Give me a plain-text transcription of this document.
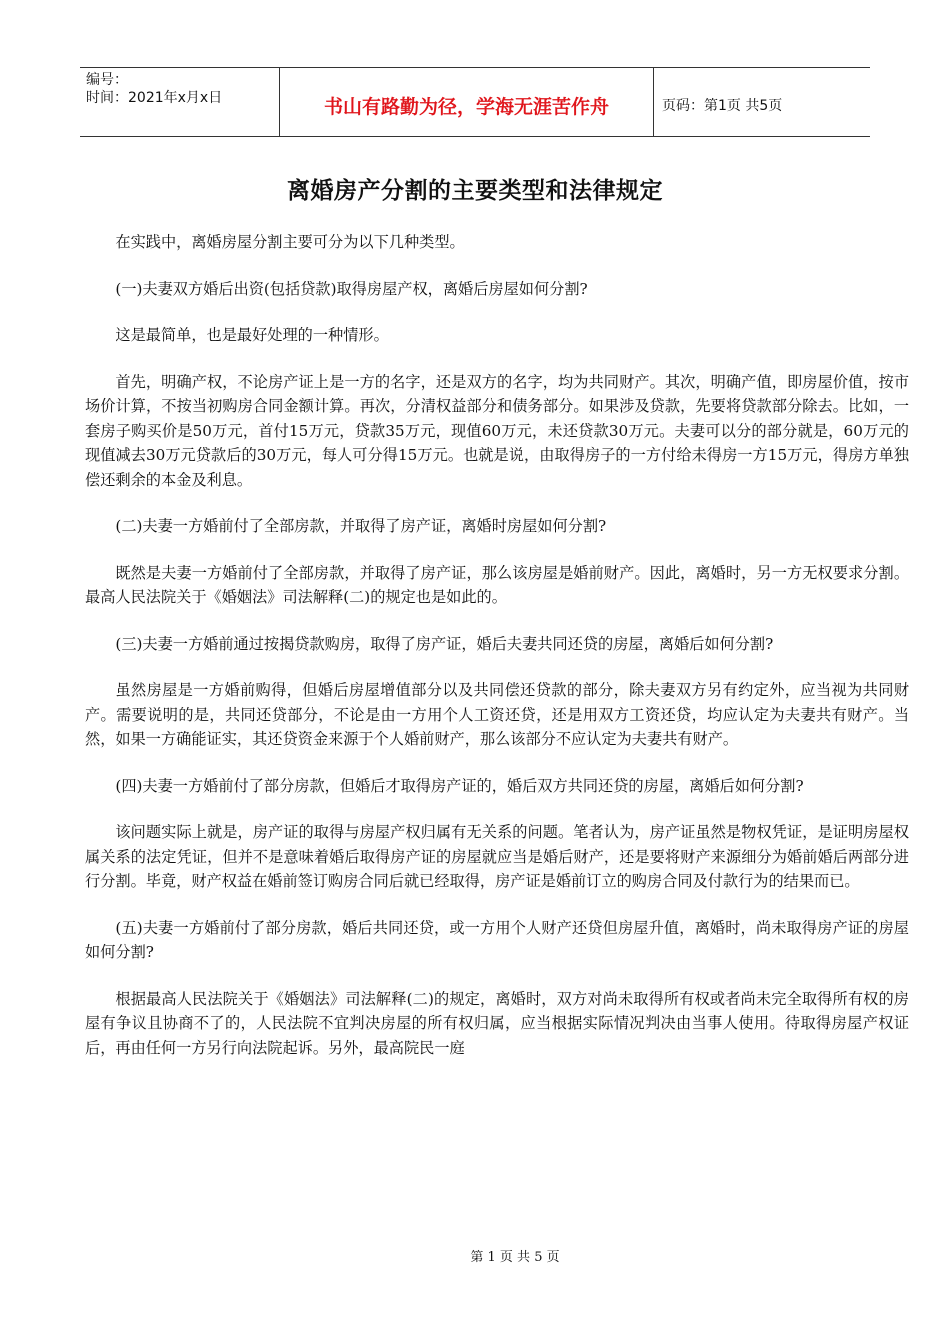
编号：
时间：2021年x月x日	书山有路勤为径，学海无涯苦作舟	页码：第1页 共5页
离婚房产分割的主要类型和法律规定

在实践中，离婚房屋分割主要可分为以下几种类型。

(一)夫妻双方婚后出资(包括贷款)取得房屋产权，离婚后房屋如何分割?

这是最简单，也是最好处理的一种情形。

首先，明确产权，不论房产证上是一方的名字，还是双方的名字，均为共同财产。其次，明确产值，即房屋价值，按市场价计算，不按当初购房合同金额计算。再次，分清权益部分和债务部分。如果涉及贷款，先要将贷款部分除去。比如，一套房子购买价是50万元，首付15万元，贷款35万元，现值60万元，未还贷款30万元。夫妻可以分的部分就是，60万元的现值减去30万元贷款后的30万元，每人可分得15万元。也就是说，由取得房子的一方付给未得房一方15万元，得房方单独偿还剩余的本金及利息。

(二)夫妻一方婚前付了全部房款，并取得了房产证，离婚时房屋如何分割?

既然是夫妻一方婚前付了全部房款，并取得了房产证，那么该房屋是婚前财产。因此，离婚时，另一方无权要求分割。最高人民法院关于《婚姻法》司法解释(二)的规定也是如此的。

(三)夫妻一方婚前通过按揭贷款购房，取得了房产证，婚后夫妻共同还贷的房屋，离婚后如何分割?

虽然房屋是一方婚前购得，但婚后房屋增值部分以及共同偿还贷款的部分，除夫妻双方另有约定外，应当视为共同财产。需要说明的是，共同还贷部分，不论是由一方用个人工资还贷，还是用双方工资还贷，均应认定为夫妻共有财产。当然，如果一方确能证实，其还贷资金来源于个人婚前财产，那么该部分不应认定为夫妻共有财产。

(四)夫妻一方婚前付了部分房款，但婚后才取得房产证的，婚后双方共同还贷的房屋，离婚后如何分割?

该问题实际上就是，房产证的取得与房屋产权归属有无关系的问题。笔者认为，房产证虽然是物权凭证，是证明房屋权属关系的法定凭证，但并不是意味着婚后取得房产证的房屋就应当是婚后财产，还是要将财产来源细分为婚前婚后两部分进行分割。毕竟，财产权益在婚前签订购房合同后就已经取得，房产证是婚前订立的购房合同及付款行为的结果而已。

(五)夫妻一方婚前付了部分房款，婚后共同还贷，或一方用个人财产还贷但房屋升值，离婚时，尚未取得房产证的房屋如何分割?

根据最高人民法院关于《婚姻法》司法解释(二)的规定，离婚时，双方对尚未取得所有权或者尚未完全取得所有权的房屋有争议且协商不了的，人民法院不宜判决房屋的所有权归属，应当根据实际情况判决由当事人使用。待取得房屋产权证后，再由任何一方另行向法院起诉。另外，最高院民一庭

第 1 页 共 5 页
